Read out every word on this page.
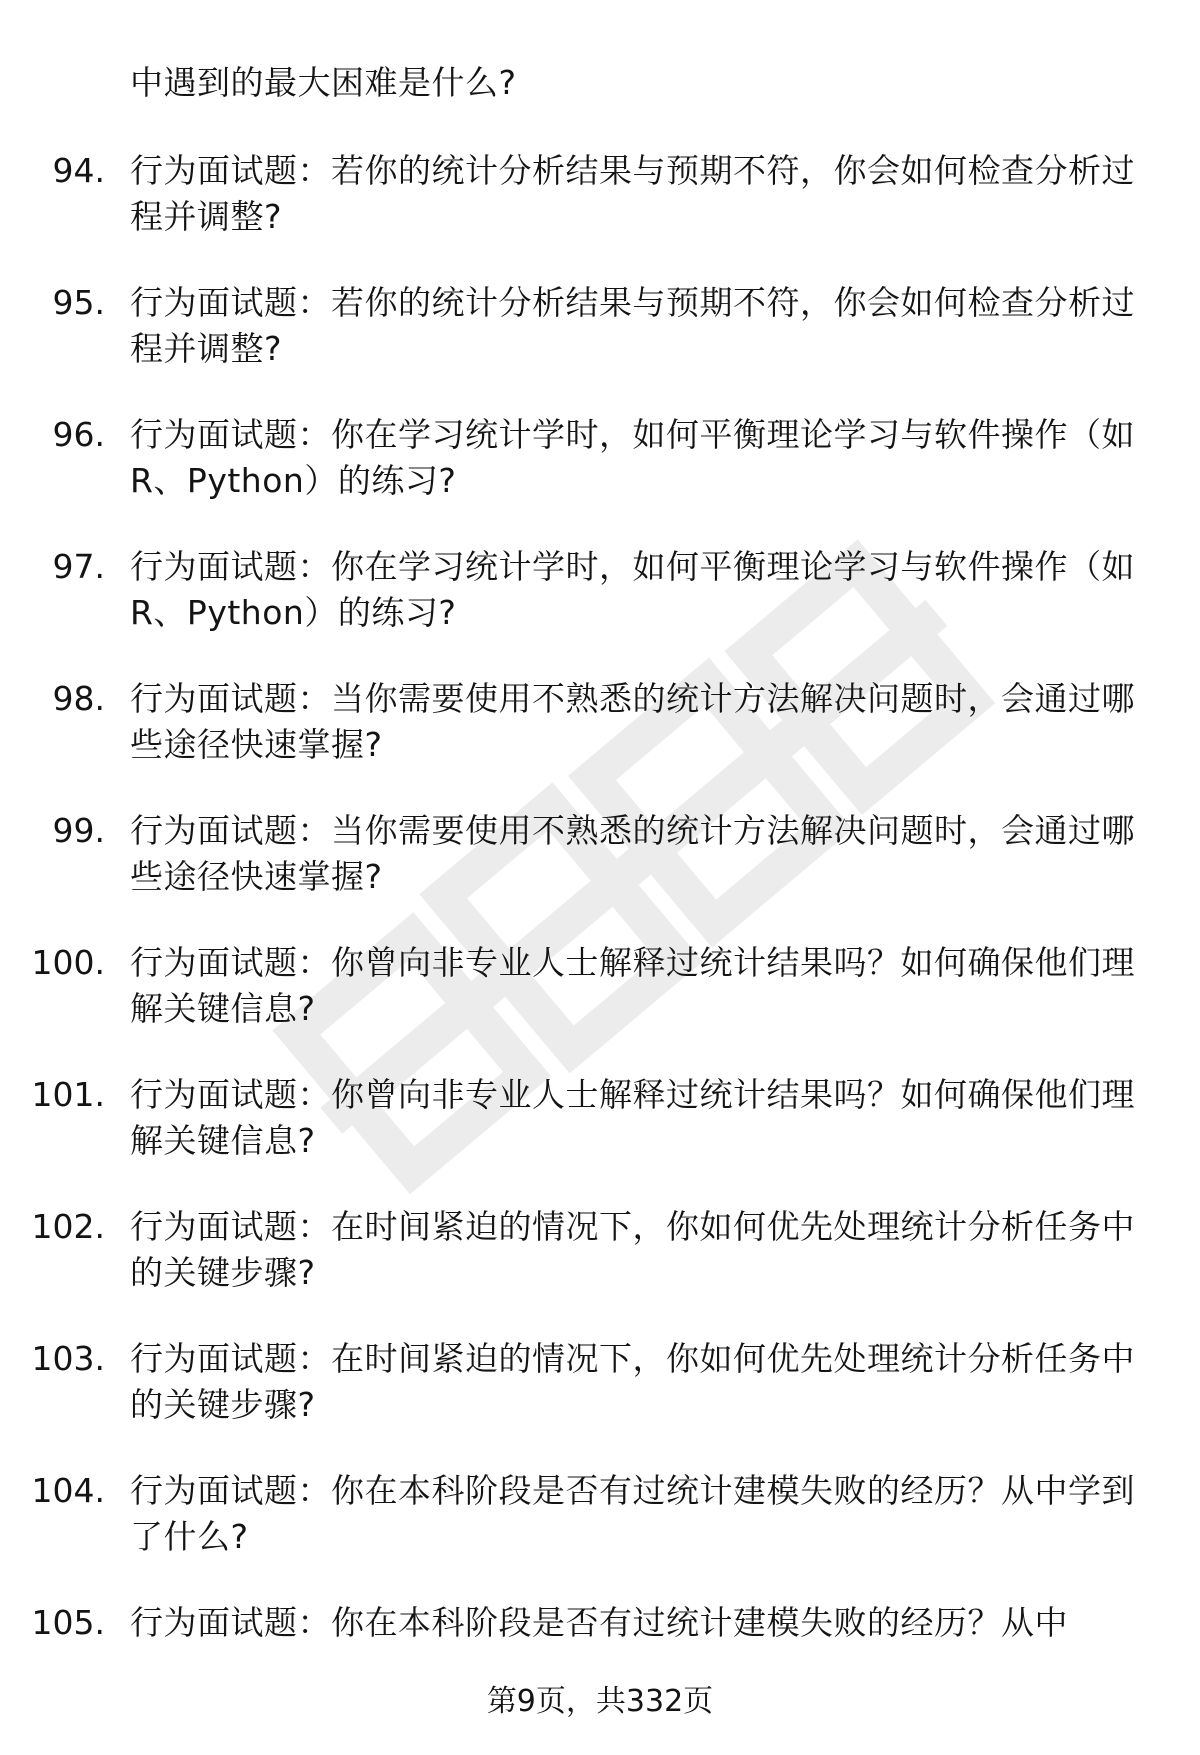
中遇到的最大困难是什么?
94. 行为面试题：若你的统计分析结果与预期不符，你会如何检查分析过程并调整?
95. 行为面试题：若你的统计分析结果与预期不符，你会如何检查分析过程并调整?
96. 行为面试题：你在学习统计学时，如何平衡理论学习与软件操作（如R、Python）的练习?
97. 行为面试题：你在学习统计学时，如何平衡理论学习与软件操作（如R、Python）的练习?
98. 行为面试题：当你需要使用不熟悉的统计方法解决问题时，会通过哪些途径快速掌握?
99. 行为面试题：当你需要使用不熟悉的统计方法解决问题时，会通过哪些途径快速掌握?
100. 行为面试题：你曾向非专业人士解释过统计结果吗？如何确保他们理解关键信息?
101. 行为面试题：你曾向非专业人士解释过统计结果吗？如何确保他们理解关键信息?
102. 行为面试题：在时间紧迫的情况下，你如何优先处理统计分析任务中的关键步骤?
103. 行为面试题：在时间紧迫的情况下，你如何优先处理统计分析任务中的关键步骤?
104. 行为面试题：你在本科阶段是否有过统计建模失败的经历？从中学到了什么?
105. 行为面试题：你在本科阶段是否有过统计建模失败的经历？从中
第9页，共332页
